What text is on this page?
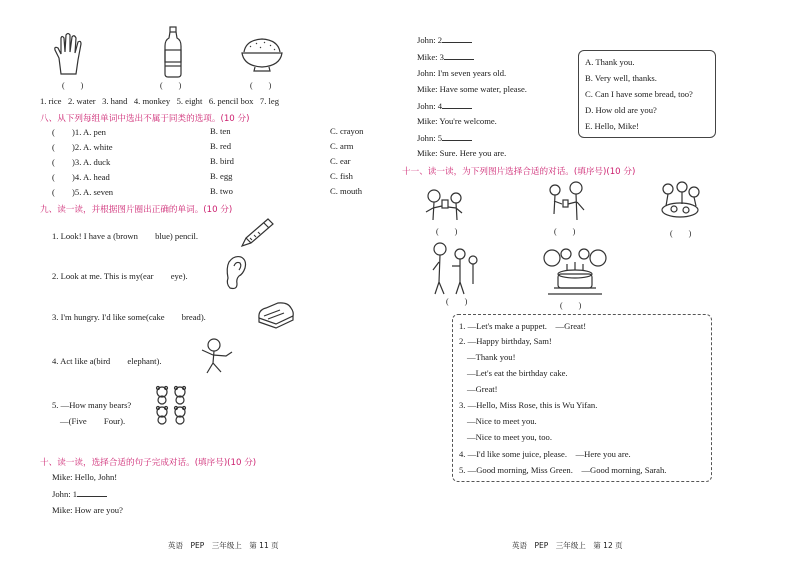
(　　)	(　　)	(　　)
1. rice 2. water 3. hand 4. monkey 5. eight 6. pencil box 7. leg
八、从下列每组单词中选出不属于同类的选项。(10 分)
(　　)1. A. pen	B. ten	C. crayon
(　　)2. A. white	B. red	C. arm
(　　)3. A. duck	B. bird	C. ear
(　　)4. A. head	B. egg	C. fish
(　　)5. A. seven	B. two	C. mouth
九、读一读，并根据图片圈出正确的单词。(10 分)
1. Look! I have a (brown　　blue) pencil.
2. Look at me. This is my(ear　　eye).
3. I'm hungry. I'd like some(cake　　bread).
4. Act like a(bird　　elephant).
5. —How many bears?
—(Five　　Four).
十、读一读，选择合适的句子完成对话。(填序号)(10 分)
Mike: Hello, John!
John: 1
Mike: How are you?
英语　PEP　三年级上　第 11 页
John: 2
Mike: 3
John: I'm seven years old.
Mike: Have some water, please.
John: 4
Mike: You're welcome.
John: 5
Mike: Sure. Here you are.
A. Thank you.
B. Very well, thanks.
C. Can I have some bread, too?
D. How old are you?
E. Hello, Mike!
十一、读一读，为下列图片选择合适的对话。(填序号)(10 分)
(　　)	(　　)	(　　)
(　　)	(　　)
1. —Let's make a puppet.　—Great!
2. —Happy birthday, Sam!
—Thank you!
—Let's eat the birthday cake.
—Great!
3. —Hello, Miss Rose, this is Wu Yifan.
—Nice to meet you.
—Nice to meet you, too.
4. —I'd like some juice, please.　—Here you are.
5. —Good morning, Miss Green.　—Good morning, Sarah.
英语　PEP　三年级上　第 12 页
